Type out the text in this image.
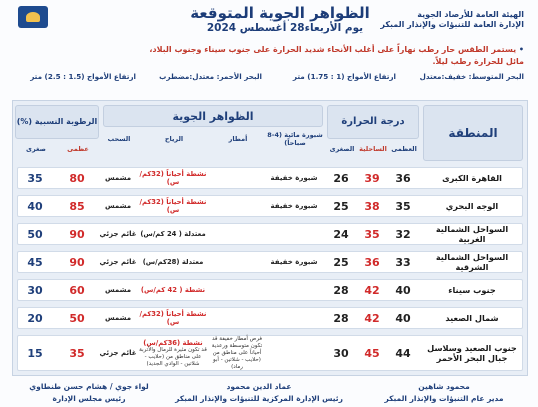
الهيئة العامة للأرصاد الجوية
الإدارة العامة للتنبؤات والإنذار المبكر
الظواهر الجوية المتوقعة
يوم الأربعاء28 أغسطس 2024
• يستمر الطقس حار رطب نهاراً على أغلب الأنحاء شديد الحرارة على جنوب سيناء وجنوب البلاد،
مائل للحرارة رطب ليلاً.
البحر المتوسط: خفيف:معتدل
ارتفاع الأمواج (1 : 1.75) متر
البحر الأحمر: معتدل:مضطرب
ارتفاع الأمواج (1.5 : 2.5) متر
المنطقة
درجة الحرارة
الظواهر الجوية
الرطوبة النسبية (%)
العظمى
الساحلية
الصغرى
شبورة مائية (4-8 صباحاً)
أمطار
الرياح
السحب
عظمى
صغرى
القاهرة الكبرى
36
39
26
شبورة خفيفة
نشطة أحياناً (32كم/س)
مشمس
80
35
الوجه البحري
35
38
25
شبورة خفيفة
نشطة أحياناً (32كم/س)
مشمس
85
40
السواحل الشمالية الغربية
32
35
24
معتدلة ( 24 كم/س)
غائم جزئي
90
50
السواحل الشمالية الشرقية
33
36
25
شبورة خفيفة
معتدلة (28كم/س)
غائم جزئي
90
45
جنوب سيناء
40
42
28
نشطة ( 42 كم/س)
مشمس
60
30
شمال الصعيد
40
42
28
نشطة أحياناً (32كم/س)
مشمس
50
20
جنوب الصعيد وسلاسل جبال البحر الأحمر
44
45
30
فرص أمطار خفيفة قد تكون متوسطة ورعدية أحياناً على مناطق من (حلايب - شلاتين - أبو رماد)
نشطة (36كم/س)
قد تكون مثيرة للرمال والأتربة على مناطق من (حلايب - شلاتين - الوادي الجديد)
غائم جزئي
35
15
محمود شاهين
مدير عام التنبؤات والإنذار المبكر
عماد الدين محمود
رئيس الإدارة المركزية للتنبؤات والإنذار المبكر
لواء جوي / هشام حسن طنطاوي
رئيس مجلس الإدارة
